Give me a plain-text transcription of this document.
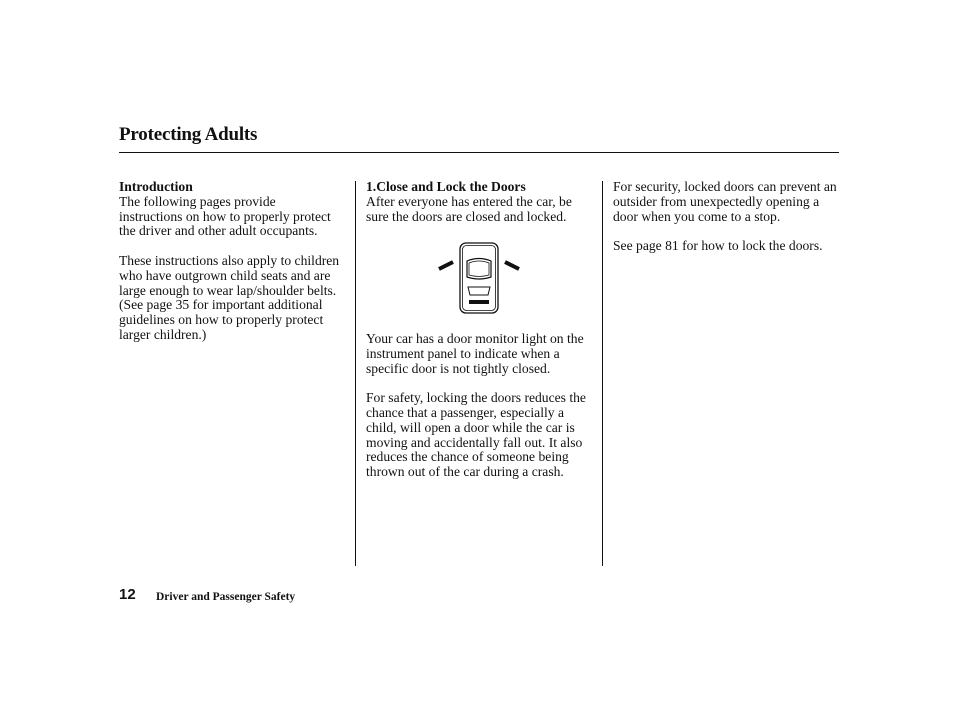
Protecting Adults

Introduction
The following pages provide instructions on how to properly protect the driver and other adult occupants.

These instructions also apply to children who have outgrown child seats and are large enough to wear lap/shoulder belts. (See page 35 for important additional guidelines on how to properly protect larger children.)

1.Close and Lock the Doors
After everyone has entered the car, be sure the doors are closed and locked.

Your car has a door monitor light on the instrument panel to indicate when a specific door is not tightly closed.

For safety, locking the doors reduces the chance that a passenger, especially a child, will open a door while the car is moving and accidentally fall out. It also reduces the chance of someone being thrown out of the car during a crash.

For security, locked doors can prevent an outsider from unexpectedly opening a door when you come to a stop.

See page 81 for how to lock the doors.

12 Driver and Passenger Safety
